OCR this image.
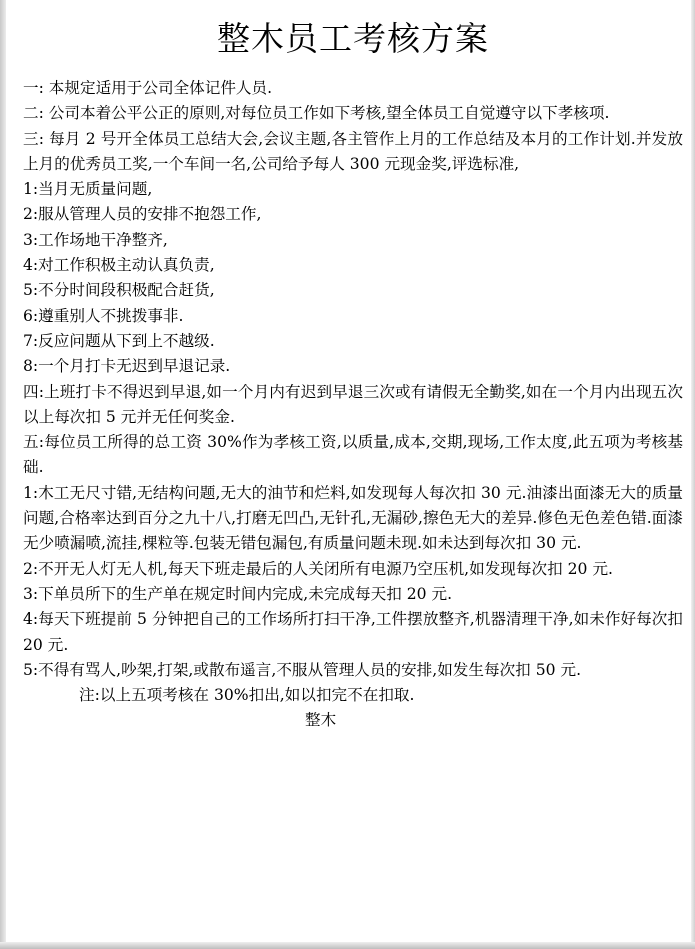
整木员工考核方案

一: 本规定适用于公司全体记件人员.

二: 公司本着公平公正的原则,对每位员工作如下考核,望全体员工自觉遵守以下孝核项.

三: 每月 2 号开全体员工总结大会,会议主题,各主管作上月的工作总结及本月的工作计划.并发放上月的优秀员工奖,一个车间一名,公司给予每人 300 元现金奖,评选标准,

1:当月无质量问题,

2:服从管理人员的安排不抱怨工作,

3:工作场地干净整齐,

4:对工作积极主动认真负责,

5:不分时间段积极配合赶货,

6:遵重别人不挑拨事非.

7:反应问题从下到上不越级.

8:一个月打卡无迟到早退记录.

四:上班打卡不得迟到早退,如一个月内有迟到早退三次或有请假无全勤奖,如在一个月内出现五次以上每次扣 5 元并无任何奖金.

五:每位员工所得的总工资 30%作为孝核工资,以质量,成本,交期,现场,工作太度,此五项为考核基础.

1:木工无尺寸错,无结构问题,无大的油节和烂料,如发现每人每次扣 30 元.油漆出面漆无大的质量问题,合格率达到百分之九十八,打磨无凹凸,无针孔,无漏砂,擦色无大的差异.修色无色差色错.面漆无少喷漏喷,流挂,棵粒等.包装无错包漏包,有质量问题未现.如未达到每次扣 30 元.

2:不开无人灯无人机,每天下班走最后的人关闭所有电源乃空压机,如发现每次扣 20 元.

3:下单员所下的生产单在规定时间内完成,未完成每天扣 20 元.

4:每天下班提前 5 分钟把自己的工作场所打扫干净,工件摆放整齐,机器清理干净,如未作好每次扣 20 元.

5:不得有骂人,吵架,打架,或散布遥言,不服从管理人员的安排,如发生每次扣 50 元.

注:以上五项考核在 30%扣出,如以扣完不在扣取.

整木
